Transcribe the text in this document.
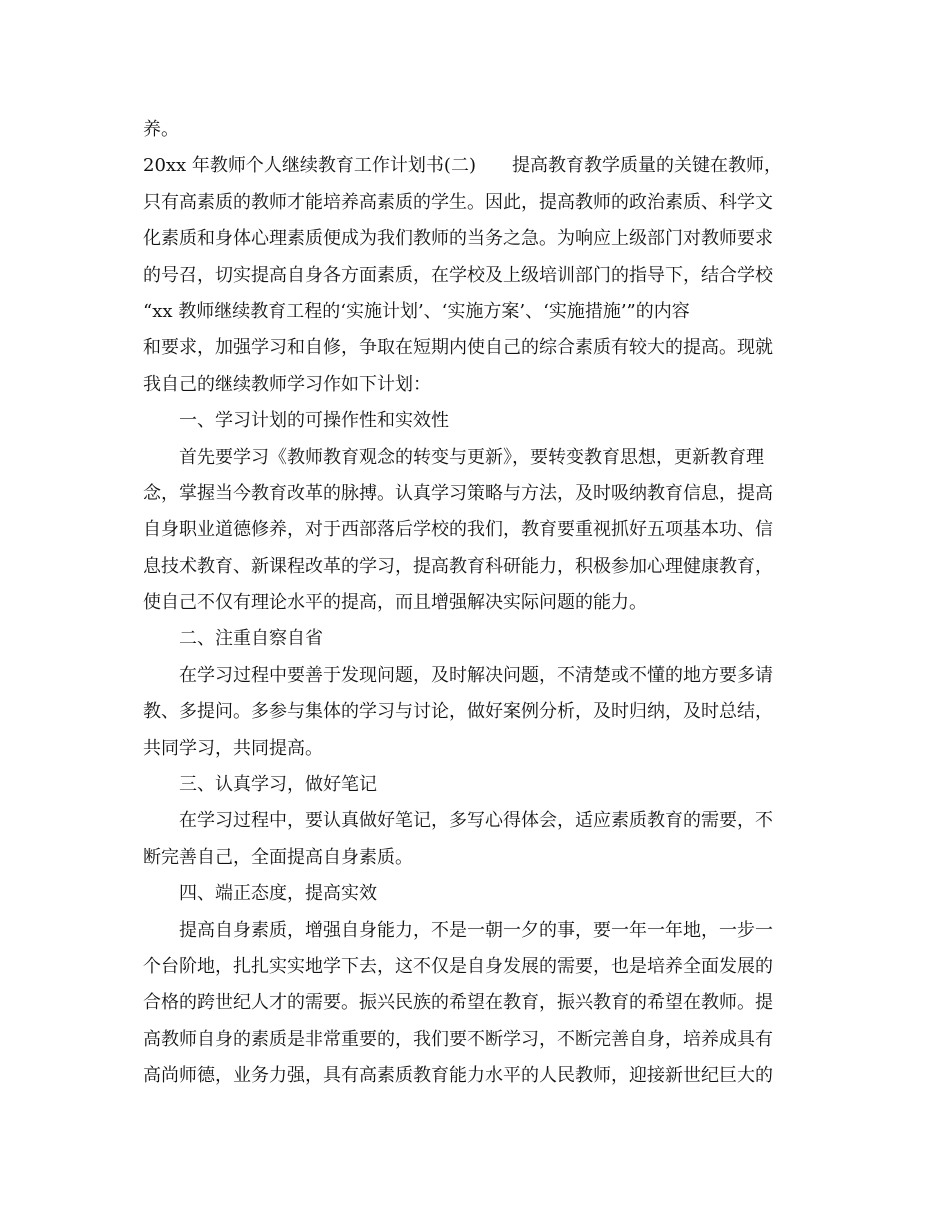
养。
20xx 年教师个人继续教育工作计划书(二)　　提高教育教学质量的关键在教师，
只有高素质的教师才能培养高素质的学生。因此，提高教师的政治素质、科学文
化素质和身体心理素质便成为我们教师的当务之急。为响应上级部门对教师要求
的号召，切实提高自身各方面素质，在学校及上级培训部门的指导下，结合学校
“xx 教师继续教育工程的‘实施计划’、‘实施方案’、‘实施措施’”的内容
和要求，加强学习和自修，争取在短期内使自己的综合素质有较大的提高。现就
我自己的继续教师学习作如下计划：
一、学习计划的可操作性和实效性
首先要学习《教师教育观念的转变与更新》，要转变教育思想，更新教育理
念，掌握当今教育改革的脉搏。认真学习策略与方法，及时吸纳教育信息，提高
自身职业道德修养，对于西部落后学校的我们，教育要重视抓好五项基本功、信
息技术教育、新课程改革的学习，提高教育科研能力，积极参加心理健康教育，
使自己不仅有理论水平的提高，而且增强解决实际问题的能力。
二、注重自察自省
在学习过程中要善于发现问题，及时解决问题，不清楚或不懂的地方要多请
教、多提问。多参与集体的学习与讨论，做好案例分析，及时归纳，及时总结，
共同学习，共同提高。
三、认真学习，做好笔记
在学习过程中，要认真做好笔记，多写心得体会，适应素质教育的需要，不
断完善自己，全面提高自身素质。
四、端正态度，提高实效
提高自身素质，增强自身能力，不是一朝一夕的事，要一年一年地，一步一
个台阶地，扎扎实实地学下去，这不仅是自身发展的需要，也是培养全面发展的
合格的跨世纪人才的需要。振兴民族的希望在教育，振兴教育的希望在教师。提
高教师自身的素质是非常重要的，我们要不断学习，不断完善自身，培养成具有
高尚师德，业务力强，具有高素质教育能力水平的人民教师，迎接新世纪巨大的
